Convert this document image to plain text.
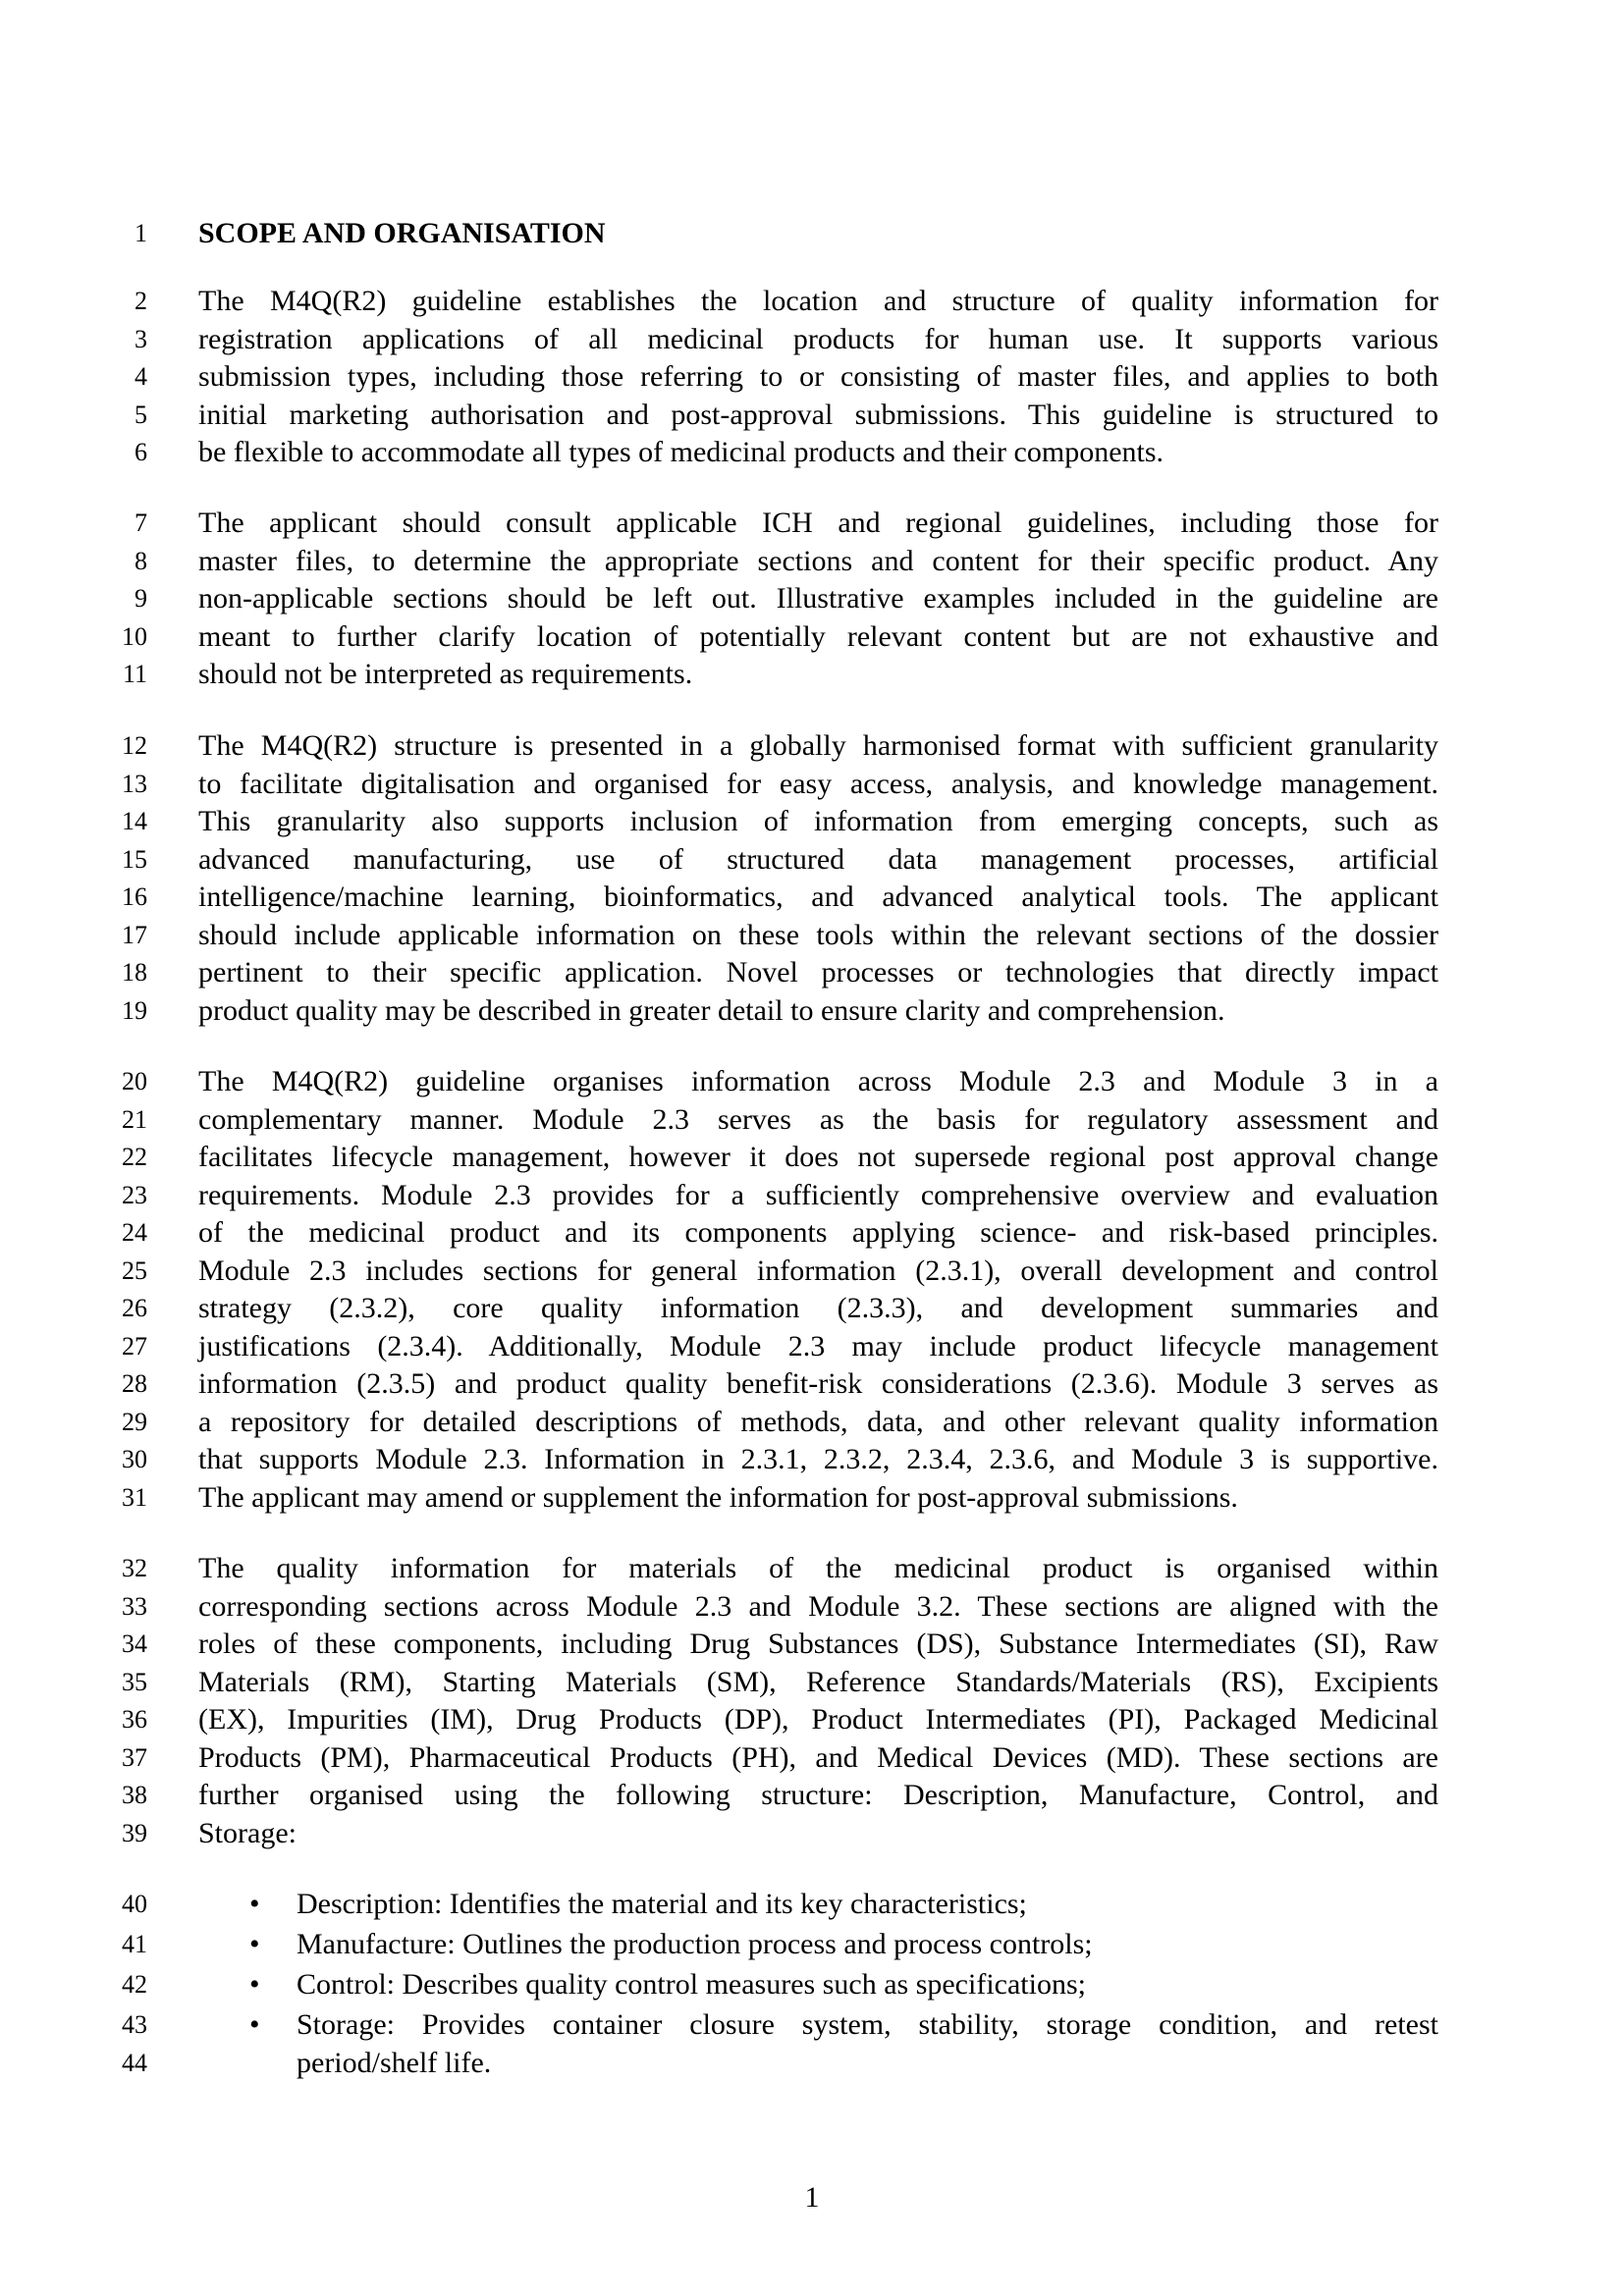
1 SCOPE AND ORGANISATION
2 The M4Q(R2) guideline establishes the location and structure of quality information for
3 registration applications of all medicinal products for human use. It supports various
4 submission types, including those referring to or consisting of master files, and applies to both
5 initial marketing authorisation and post-approval submissions. This guideline is structured to
6 be flexible to accommodate all types of medicinal products and their components.
7 The applicant should consult applicable ICH and regional guidelines, including those for
8 master files, to determine the appropriate sections and content for their specific product. Any
9 non-applicable sections should be left out. Illustrative examples included in the guideline are
10 meant to further clarify location of potentially relevant content but are not exhaustive and
11 should not be interpreted as requirements.
12 The M4Q(R2) structure is presented in a globally harmonised format with sufficient granularity
13 to facilitate digitalisation and organised for easy access, analysis, and knowledge management.
14 This granularity also supports inclusion of information from emerging concepts, such as
15 advanced manufacturing, use of structured data management processes, artificial
16 intelligence/machine learning, bioinformatics, and advanced analytical tools. The applicant
17 should include applicable information on these tools within the relevant sections of the dossier
18 pertinent to their specific application. Novel processes or technologies that directly impact
19 product quality may be described in greater detail to ensure clarity and comprehension.
20 The M4Q(R2) guideline organises information across Module 2.3 and Module 3 in a
21 complementary manner. Module 2.3 serves as the basis for regulatory assessment and
22 facilitates lifecycle management, however it does not supersede regional post approval change
23 requirements. Module 2.3 provides for a sufficiently comprehensive overview and evaluation
24 of the medicinal product and its components applying science- and risk-based principles.
25 Module 2.3 includes sections for general information (2.3.1), overall development and control
26 strategy (2.3.2), core quality information (2.3.3), and development summaries and
27 justifications (2.3.4). Additionally, Module 2.3 may include product lifecycle management
28 information (2.3.5) and product quality benefit-risk considerations (2.3.6). Module 3 serves as
29 a repository for detailed descriptions of methods, data, and other relevant quality information
30 that supports Module 2.3. Information in 2.3.1, 2.3.2, 2.3.4, 2.3.6, and Module 3 is supportive.
31 The applicant may amend or supplement the information for post-approval submissions.
32 The quality information for materials of the medicinal product is organised within
33 corresponding sections across Module 2.3 and Module 3.2. These sections are aligned with the
34 roles of these components, including Drug Substances (DS), Substance Intermediates (SI), Raw
35 Materials (RM), Starting Materials (SM), Reference Standards/Materials (RS), Excipients
36 (EX), Impurities (IM), Drug Products (DP), Product Intermediates (PI), Packaged Medicinal
37 Products (PM), Pharmaceutical Products (PH), and Medical Devices (MD). These sections are
38 further organised using the following structure: Description, Manufacture, Control, and
39 Storage:
40	• Description: Identifies the material and its key characteristics;
41	• Manufacture: Outlines the production process and process controls;
42	• Control: Describes quality control measures such as specifications;
43	• Storage: Provides container closure system, stability, storage condition, and retest
44	period/shelf life.
1
